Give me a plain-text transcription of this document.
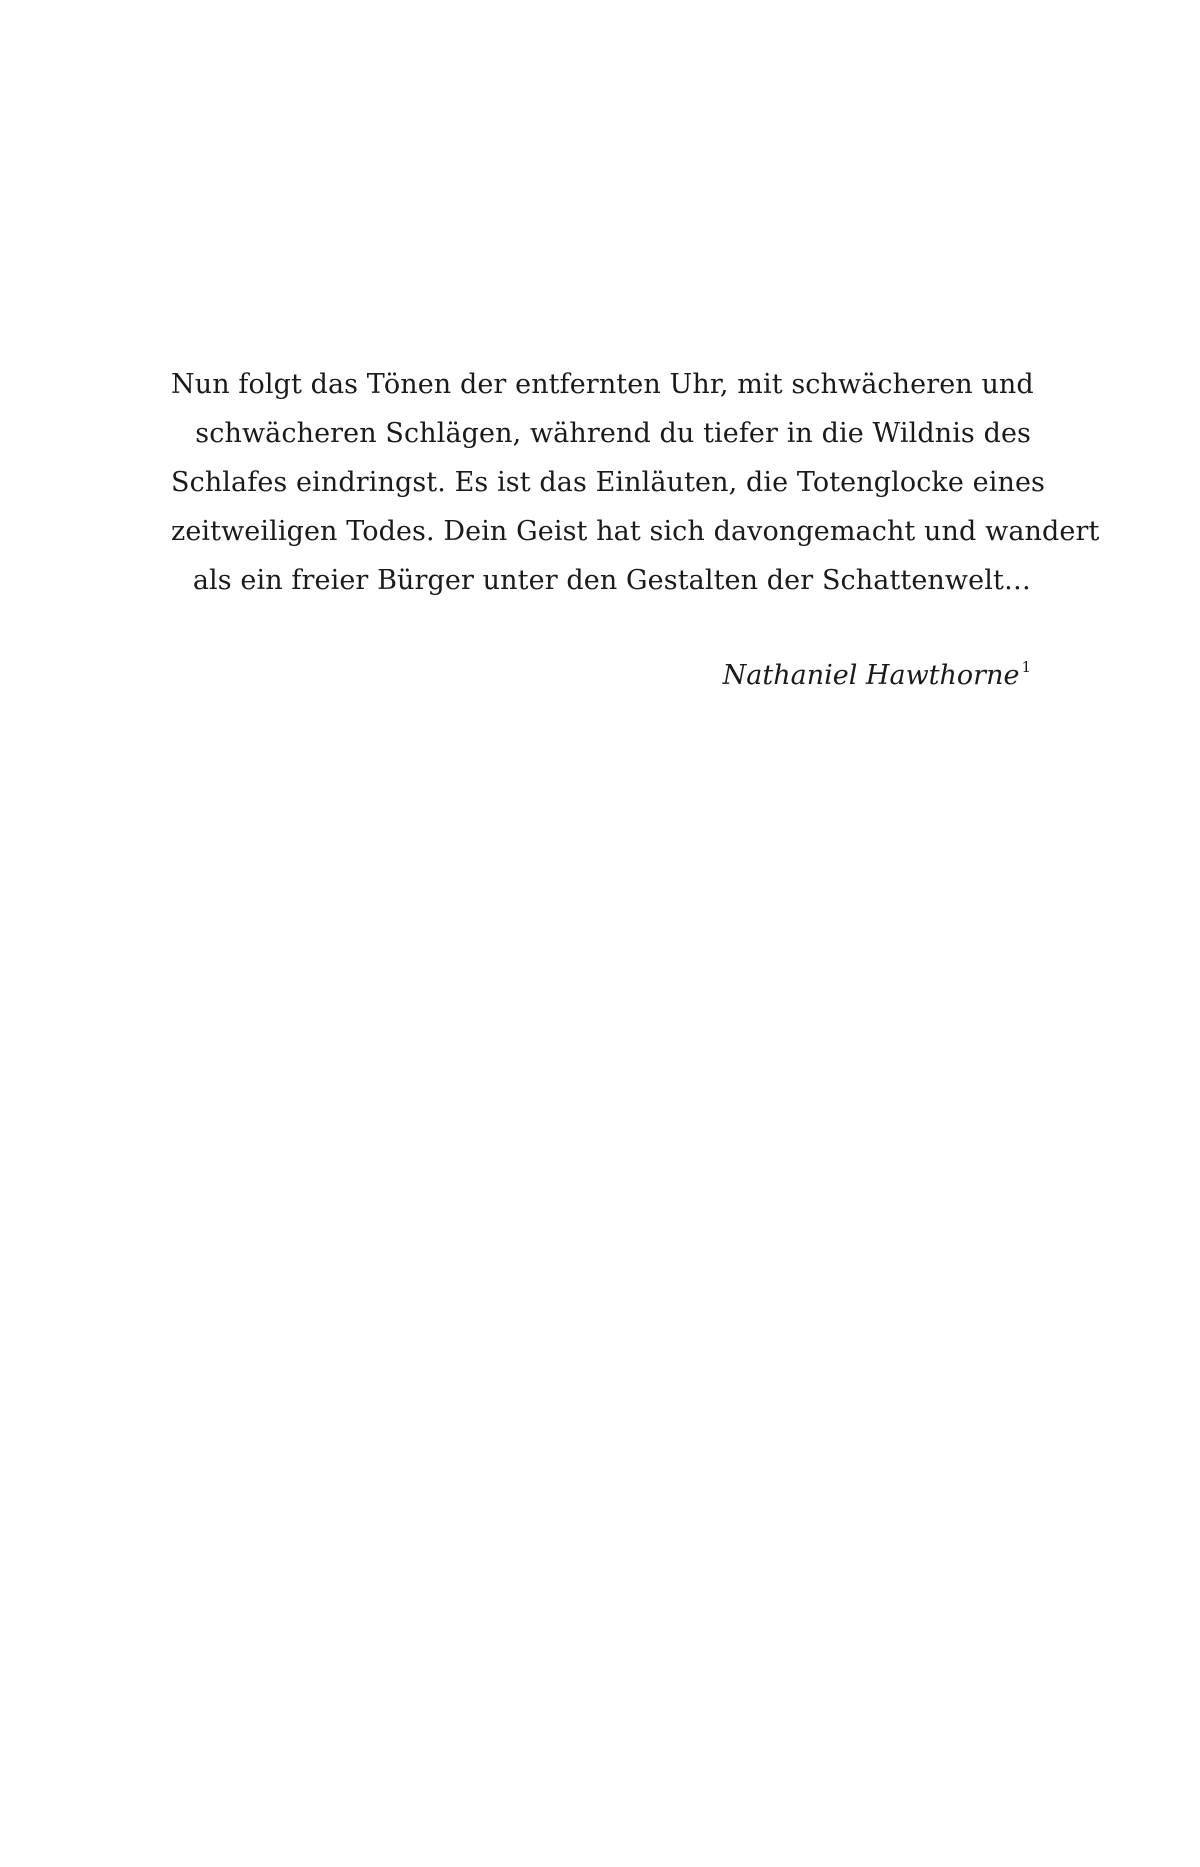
Nun folgt das Tönen der entfernten Uhr, mit schwächeren und
schwächeren Schlägen, während du tiefer in die Wildnis des
Schlafes eindringst. Es ist das Einläuten, die Totenglocke eines
zeitweiligen Todes. Dein Geist hat sich davongemacht und wandert
als ein freier Bürger unter den Gestalten der Schattenwelt…
Nathaniel Hawthorne 1
